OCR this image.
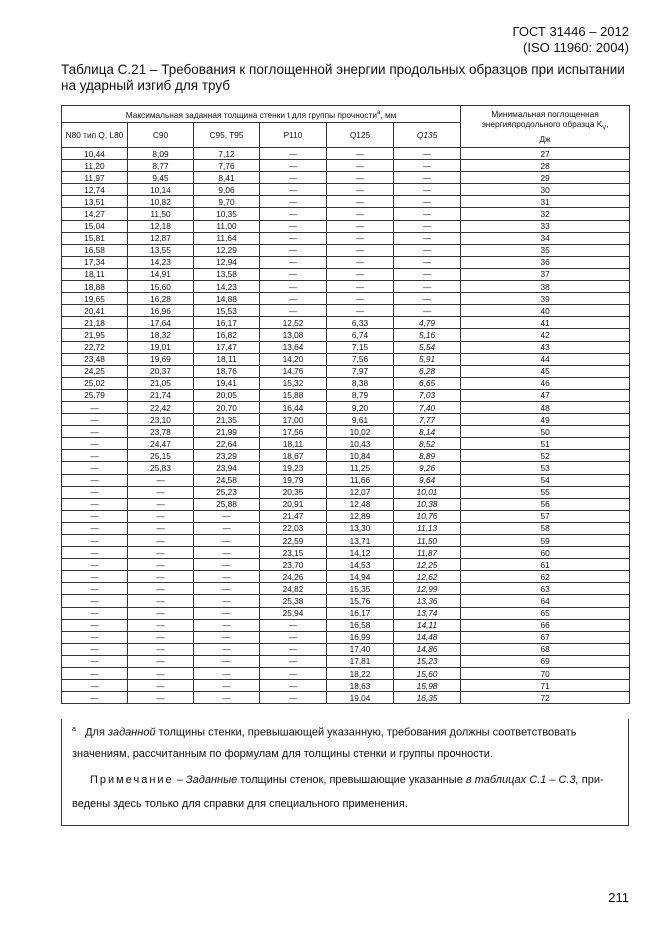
ГОСТ 31446 – 2012
(ISO 11960: 2004)
Таблица С.21 – Требования к поглощенной энергии продольных образцов при испытании
на ударный изгиб для труб
Максимальная заданная толщина стенки t для группы прочности$^а$, мм						Минимальная поглощенная
энергияпродольного образца $K_V$,
Дж

N80 тип Q, L80	C90	C95, T95	P110	Q125	Q135	
10,44	8,09	7,12	—	—	—	27
11,20	8,77	7,76	—	—	—	28
11,97	9,45	8,41	—	—	—	29
12,74	10,14	9,06	—	—	—	30
13,51	10,82	9,70	—	—	—	31
14,27	11,50	10,35	—	—	—	32
15,04	12,18	11,00	—	—	—	33
15,81	12,87	11,64	—	—	—	34
16,58	13,55	12,29	—	—	—	35
17,34	14,23	12,94	—	—	—	36
18,11	14,91	13,58	—	—	—	37
18,88	15,60	14,23	—	—	—	38
19,65	16,28	14,88	—	—	—	39
20,41	16,96	15,53	—	—	—	40
21,18	17,64	16,17	12,52	6,33	4,79	41
21,95	18,32	16,82	13,08	6,74	5,16	42
22,72	19,01	17,47	13,64	7,15	5,54	43
23,48	19,69	18,11	14,20	7,56	5,91	44
24,25	20,37	18,76	14,76	7,97	6,28	45
25,02	21,05	19,41	15,32	8,38	6,65	46
25,79	21,74	20,05	15,88	8,79	7,03	47
—	22,42	20,70	16,44	9,20	7,40	48
—	23,10	21,35	17,00	9,61	7,77	49
—	23,78	21,99	17,56	10,02	8,14	50
—	24,47	22,64	18,11	10,43	8,52	51
—	25,15	23,29	18,67	10,84	8,89	52
—	25,83	23,94	19,23	11,25	9,26	53
—	—	24,58	19,79	11,66	9,64	54
—	—	25,23	20,35	12,07	10,01	55
—	—	25,88	20,91	12,48	10,38	56
—	—	—	21,47	12,89	10,76	57
—	—	—	22,03	13,30	11,13	58
—	—	—	22,59	13,71	11,50	59
—	—	—	23,15	14,12	11,87	60
—	—	—	23,70	14,53	12,25	61
—	—	—	24,26	14,94	12,62	62
—	—	—	24,82	15,35	12,99	63
—	—	—	25,38	15,76	13,36	64
—	—	—	25,94	16,17	13,74	65
—	—	—	—	16,58	14,11	66
—	—	—	—	16,99	14,48	67
—	—	—	—	17,40	14,86	68
—	—	—	—	17,81	15,23	69
—	—	—	—	18,22	15,60	70
—	—	—	—	18,63	15,98	71
—	—	—	—	19,04	16,35	72
$^а$ Для заданной толщины стенки, превышающей указанную, требования должны соответствовать
значениям, рассчитанным по формулам для толщины стенки и группы прочности.
Примечание – Заданные толщины стенок, превышающие указанные в таблицах С.1 – С.3, при-
ведены здесь только для справки для специального применения.
211
